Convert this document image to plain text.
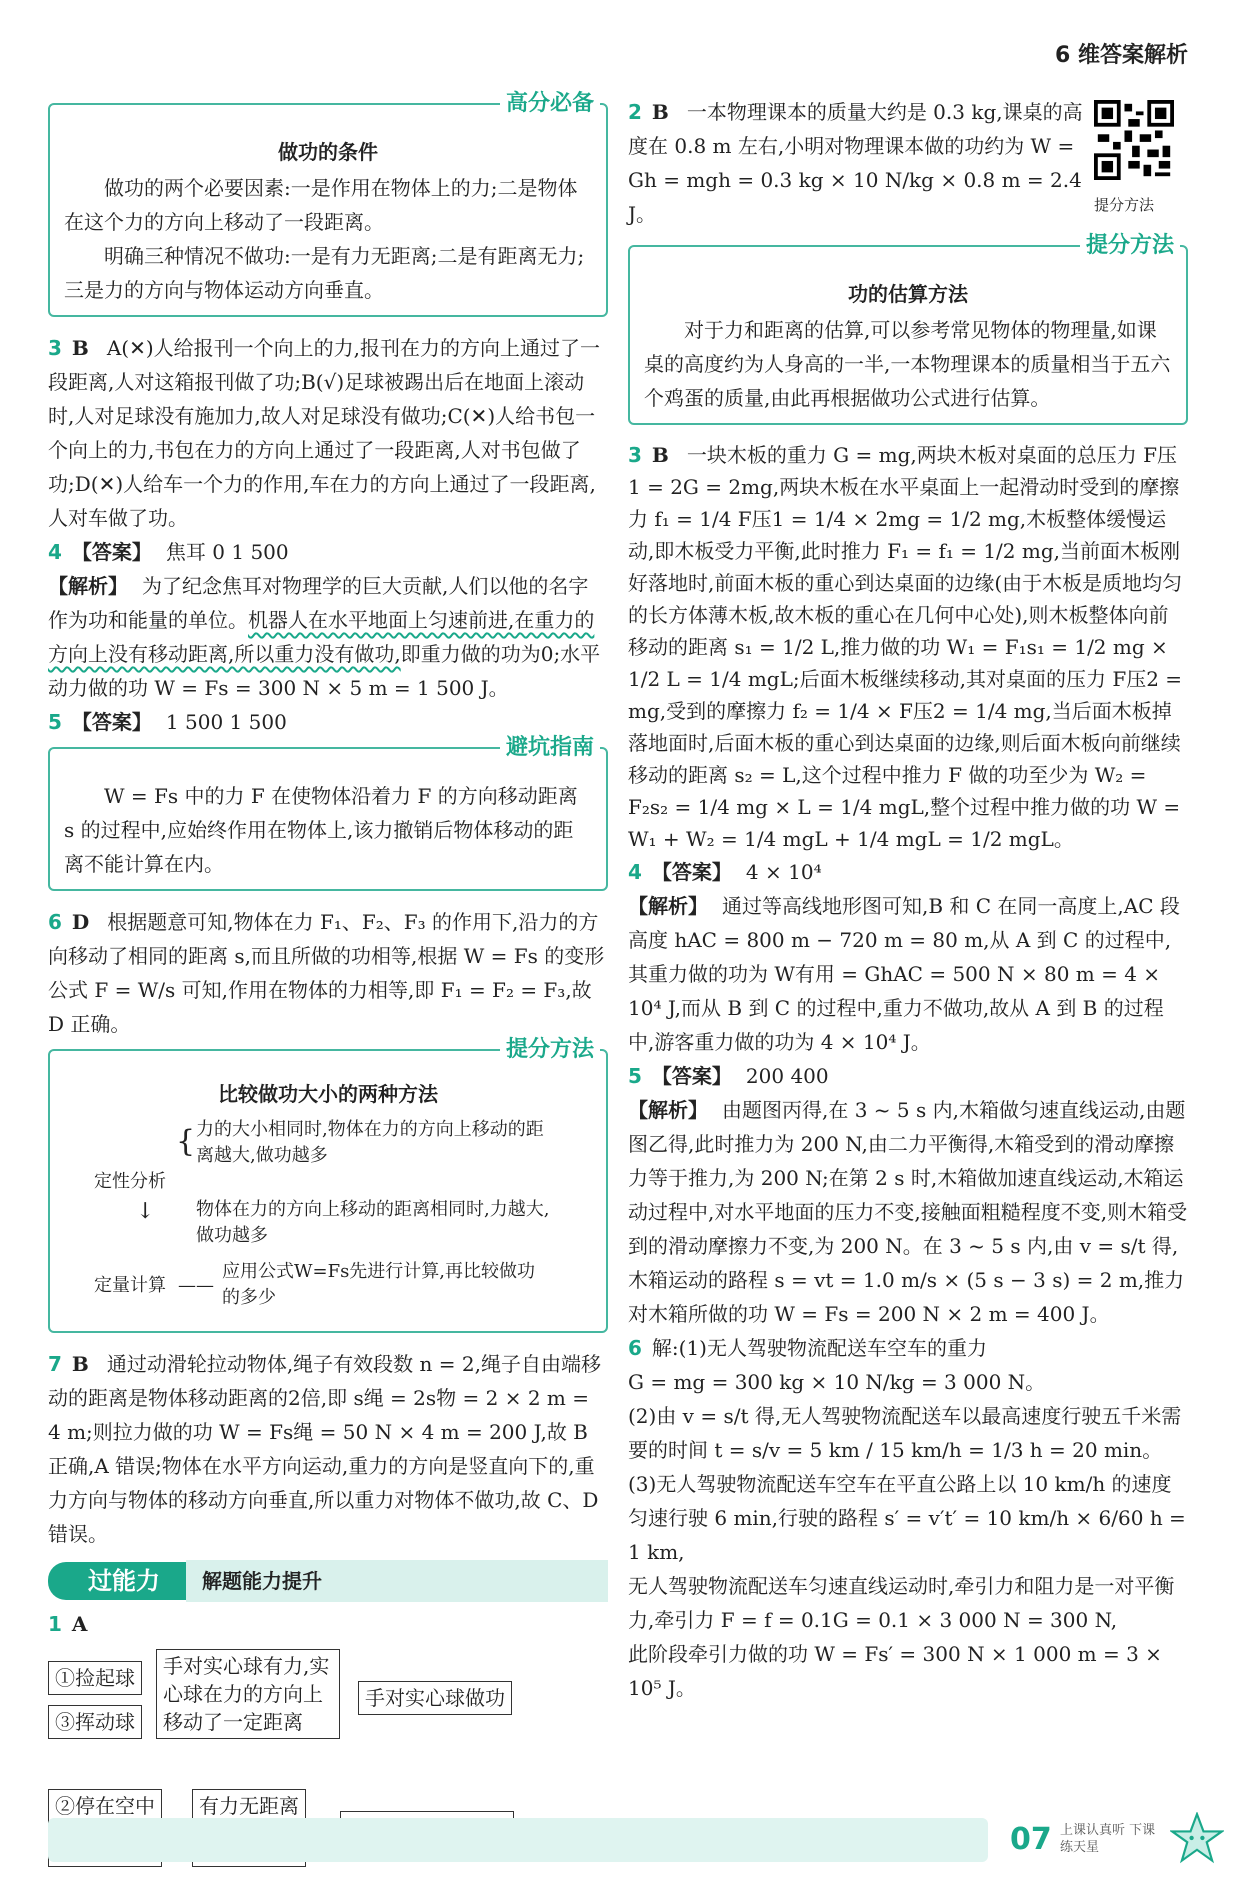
6 维答案解析
高分必备
做功的条件

做功的两个必要因素:一是作用在物体上的力;二是物体在这个力的方向上移动了一段距离。

明确三种情况不做功:一是有力无距离;二是有距离无力;三是力的方向与物体运动方向垂直。

3 B A(✕)人给报刊一个向上的力,报刊在力的方向上通过了一段距离,人对这箱报刊做了功;B(√)足球被踢出后在地面上滚动时,人对足球没有施加力,故人对足球没有做功;C(✕)人给书包一个向上的力,书包在力的方向上通过了一段距离,人对书包做了功;D(✕)人给车一个力的作用,车在力的方向上通过了一段距离,人对车做了功。

4 【答案】 焦耳 0 1 500

【解析】 为了纪念焦耳对物理学的巨大贡献,人们以他的名字作为功和能量的单位。机器人在水平地面上匀速前进,在重力的方向上没有移动距离,所以重力没有做功,即重力做的功为0;水平动力做的功 W = Fs = 300 N × 5 m = 1 500 J。

5 【答案】 1 500 1 500

避坑指南

W = Fs 中的力 F 在使物体沿着力 F 的方向移动距离 s 的过程中,应始终作用在物体上,该力撤销后物体移动的距离不能计算在内。

6 D 根据题意可知,物体在力 F₁、F₂、F₃ 的作用下,沿力的方向移动了相同的距离 s,而且所做的功相等,根据 W = Fs 的变形公式 F = W/s 可知,作用在物体的力相等,即 F₁ = F₂ = F₃,故 D 正确。

提分方法
比较做功大小的两种方法
定性分析
{ 力的大小相同时,物体在力的方向上移动的距离越大,做功越多
物体在力的方向上移动的距离相同时,力越大,做功越多
↓
定量计算 ——
应用公式W=Fs先进行计算,再比较做功的多少

7 B 通过动滑轮拉动物体,绳子有效段数 n = 2,绳子自由端移动的距离是物体移动距离的2倍,即 s绳 = 2s物 = 2 × 2 m = 4 m;则拉力做的功 W = Fs绳 = 50 N × 4 m = 200 J,故 B 正确,A 错误;物体在水平方向运动,重力的方向是竖直向下的,重力方向与物体的移动方向垂直,所以重力对物体不做功,故 C、D 错误。

过能力	解题能力提升

1 A

①捡起球
③挥动球
手对实心球有力,实心球在力的方向上移动了一定距离
手对实心球做功
②停在空中	有力无距离

2 B 一本物理课本的质量大约是 0.3 kg,课桌的高度在 0.8 m 左右,小明对物理课本做的功约为 W = Gh = mgh = 0.3 kg × 10 N/kg × 0.8 m = 2.4 J。

提分方法
功的估算方法

对于力和距离的估算,可以参考常见物体的物理量,如课桌的高度约为人身高的一半,一本物理课本的质量相当于五六个鸡蛋的质量,由此再根据做功公式进行估算。

3 B 一块木板的重力 G = mg,两块木板对桌面的总压力 F压1 = 2G = 2mg,两块木板在水平桌面上一起滑动时受到的摩擦力 f₁ = 1/4 F压1 = 1/4 × 2mg = 1/2 mg,木板整体缓慢运动,即木板受力平衡,此时推力 F₁ = f₁ = 1/2 mg,当前面木板刚好落地时,前面木板的重心到达桌面的边缘(由于木板是质地均匀的长方体薄木板,故木板的重心在几何中心处),则木板整体向前移动的距离 s₁ = 1/2 L,推力做的功 W₁ = F₁s₁ = 1/2 mg × 1/2 L = 1/4 mgL;后面木板继续移动,其对桌面的压力 F压2 = mg,受到的摩擦力 f₂ = 1/4 × F压2 = 1/4 mg,当后面木板掉落地面时,后面木板的重心到达桌面的边缘,则后面木板向前继续移动的距离 s₂ = L,这个过程中推力 F 做的功至少为 W₂ = F₂s₂ = 1/4 mg × L = 1/4 mgL,整个过程中推力做的功 W = W₁ + W₂ = 1/4 mgL + 1/4 mgL = 1/2 mgL。

4 【答案】 4 × 10⁴

【解析】 通过等高线地形图可知,B 和 C 在同一高度上,AC 段高度 hAC = 800 m − 720 m = 80 m,从 A 到 C 的过程中,其重力做的功为 W有用 = GhAC = 500 N × 80 m = 4 × 10⁴ J,而从 B 到 C 的过程中,重力不做功,故从 A 到 B 的过程中,游客重力做的功为 4 × 10⁴ J。

5 【答案】 200 400

【解析】 由题图丙得,在 3 ~ 5 s 内,木箱做匀速直线运动,由题图乙得,此时推力为 200 N,由二力平衡得,木箱受到的滑动摩擦力等于推力,为 200 N;在第 2 s 时,木箱做加速直线运动,木箱运动过程中,对水平地面的压力不变,接触面粗糙程度不变,则木箱受到的滑动摩擦力不变,为 200 N。在 3 ~ 5 s 内,由 v = s/t 得,木箱运动的路程 s = vt = 1.0 m/s × (5 s − 3 s) = 2 m,推力对木箱所做的功 W = Fs = 200 N × 2 m = 400 J。

6 解:(1)无人驾驶物流配送车空车的重力

G = mg = 300 kg × 10 N/kg = 3 000 N。

(2)由 v = s/t 得,无人驾驶物流配送车以最高速度行驶五千米需要的时间 t = s/v = 5 km / 15 km/h = 1/3 h = 20 min。

(3)无人驾驶物流配送车空车在平直公路上以 10 km/h 的速度匀速行驶 6 min,行驶的路程 s′ = v′t′ = 10 km/h × 6/60 h = 1 km,

无人驾驶物流配送车匀速直线运动时,牵引力和阻力是一对平衡力,牵引力 F = f = 0.1G = 0.1 × 3 000 N = 300 N,

此阶段牵引力做的功 W = Fs′ = 300 N × 1 000 m = 3 × 10⁵ J。

提分方法
07 上课认真听 下课练天星
